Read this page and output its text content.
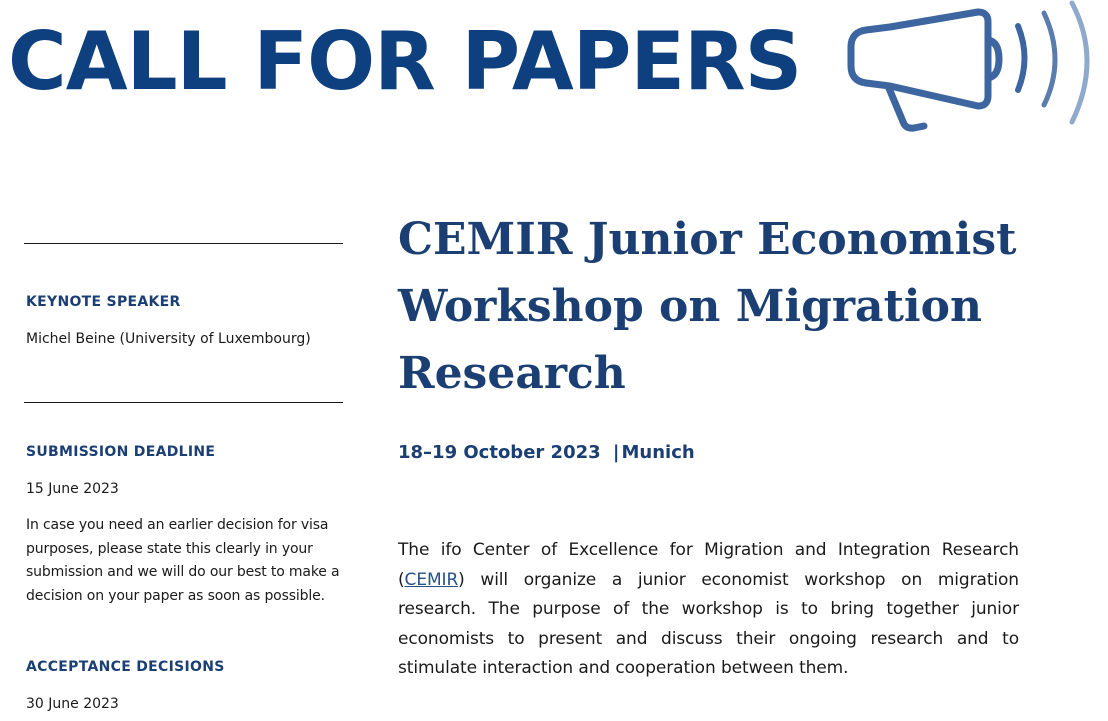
CALL FOR PAPERS
KEYNOTE SPEAKER

Michel Beine (University of Luxembourg)

SUBMISSION DEADLINE

15 June 2023

In case you need an earlier decision for visa purposes, please state this clearly in your submission and we will do our best to make a decision on your paper as soon as possible.

ACCEPTANCE DECISIONS

30 June 2023

CEMIR Junior Economist Workshop on Migration Research

18–19 October 2023 | Munich

The ifo Center of Excellence for Migration and Integration Research (CEMIR) will organize a junior economist workshop on migration research. The purpose of the workshop is to bring together junior economists to present and discuss their ongoing research and to stimulate interaction and cooperation between them.
